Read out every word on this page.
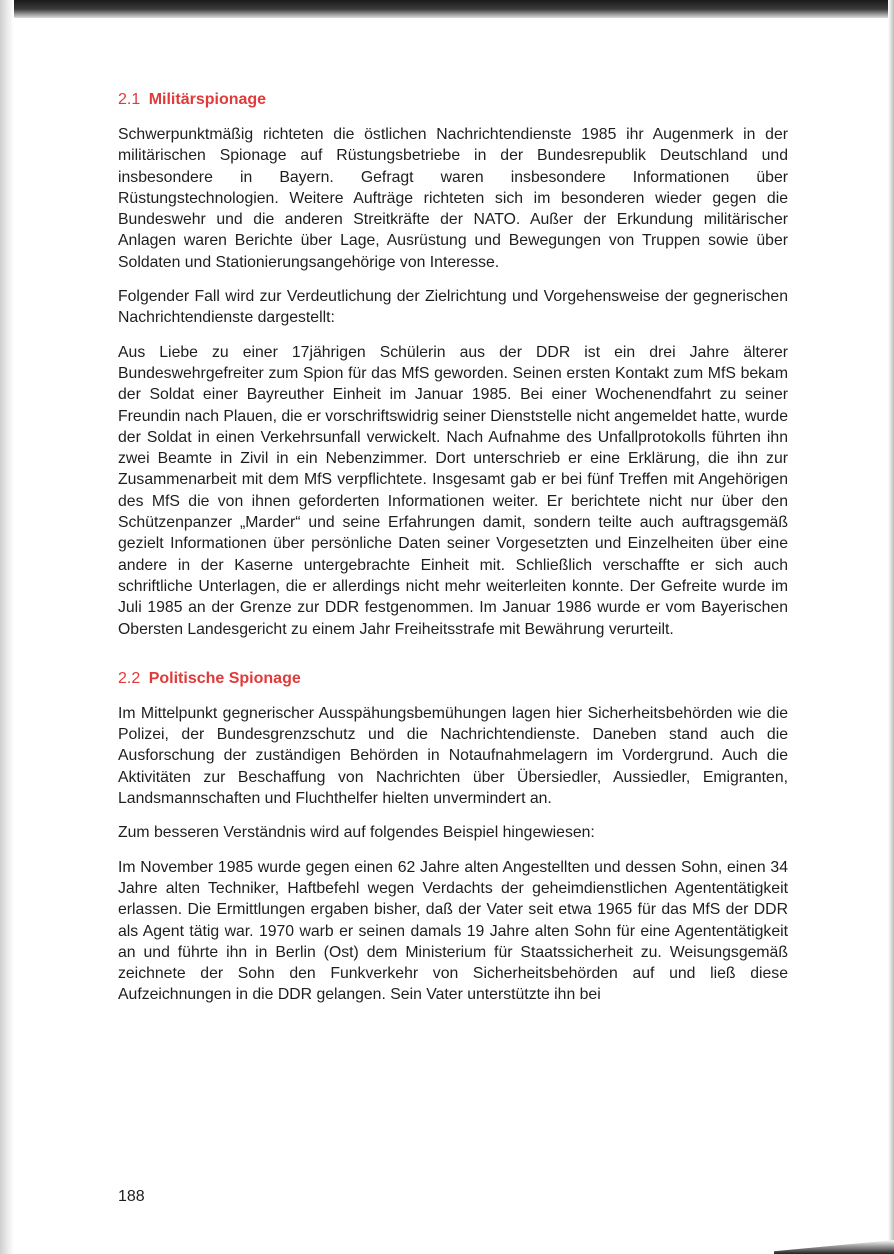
2.1 Militärspionage

Schwerpunktmäßig richteten die östlichen Nachrichtendienste 1985 ihr Augenmerk in der militärischen Spionage auf Rüstungsbetriebe in der Bundesrepublik Deutschland und insbesondere in Bayern. Gefragt waren insbesondere Informationen über Rüstungstechnologien. Weitere Aufträge richteten sich im besonderen wieder gegen die Bundeswehr und die anderen Streitkräfte der NATO. Außer der Erkundung militärischer Anlagen waren Berichte über Lage, Ausrüstung und Bewegungen von Truppen sowie über Soldaten und Stationierungsangehörige von Interesse.

Folgender Fall wird zur Verdeutlichung der Zielrichtung und Vorgehensweise der gegnerischen Nachrichtendienste dargestellt:

Aus Liebe zu einer 17jährigen Schülerin aus der DDR ist ein drei Jahre älterer Bundeswehrgefreiter zum Spion für das MfS geworden. Seinen ersten Kontakt zum MfS bekam der Soldat einer Bayreuther Einheit im Januar 1985. Bei einer Wochenendfahrt zu seiner Freundin nach Plauen, die er vorschriftswidrig seiner Dienststelle nicht angemeldet hatte, wurde der Soldat in einen Verkehrsunfall verwickelt. Nach Aufnahme des Unfallprotokolls führten ihn zwei Beamte in Zivil in ein Nebenzimmer. Dort unterschrieb er eine Erklärung, die ihn zur Zusammenarbeit mit dem MfS verpflichtete. Insgesamt gab er bei fünf Treffen mit Angehörigen des MfS die von ihnen geforderten Informationen weiter. Er berichtete nicht nur über den Schützenpanzer „Marder“ und seine Erfahrungen damit, sondern teilte auch auftragsgemäß gezielt Informationen über persönliche Daten seiner Vorgesetzten und Einzelheiten über eine andere in der Kaserne untergebrachte Einheit mit. Schließlich verschaffte er sich auch schriftliche Unterlagen, die er allerdings nicht mehr weiterleiten konnte. Der Gefreite wurde im Juli 1985 an der Grenze zur DDR festgenommen. Im Januar 1986 wurde er vom Bayerischen Obersten Landesgericht zu einem Jahr Freiheitsstrafe mit Bewährung verurteilt.

2.2 Politische Spionage

Im Mittelpunkt gegnerischer Ausspähungsbemühungen lagen hier Sicherheitsbehörden wie die Polizei, der Bundesgrenzschutz und die Nachrichtendienste. Daneben stand auch die Ausforschung der zuständigen Behörden in Notaufnahmelagern im Vordergrund. Auch die Aktivitäten zur Beschaffung von Nachrichten über Übersiedler, Aussiedler, Emigranten, Landsmannschaften und Fluchthelfer hielten unvermindert an.

Zum besseren Verständnis wird auf folgendes Beispiel hingewiesen:

Im November 1985 wurde gegen einen 62 Jahre alten Angestellten und dessen Sohn, einen 34 Jahre alten Techniker, Haftbefehl wegen Verdachts der geheimdienstlichen Agententätigkeit erlassen. Die Ermittlungen ergaben bisher, daß der Vater seit etwa 1965 für das MfS der DDR als Agent tätig war. 1970 warb er seinen damals 19 Jahre alten Sohn für eine Agententätigkeit an und führte ihn in Berlin (Ost) dem Ministerium für Staatssicherheit zu. Weisungsgemäß zeichnete der Sohn den Funkverkehr von Sicherheitsbehörden auf und ließ diese Aufzeichnungen in die DDR gelangen. Sein Vater unterstützte ihn bei

188
